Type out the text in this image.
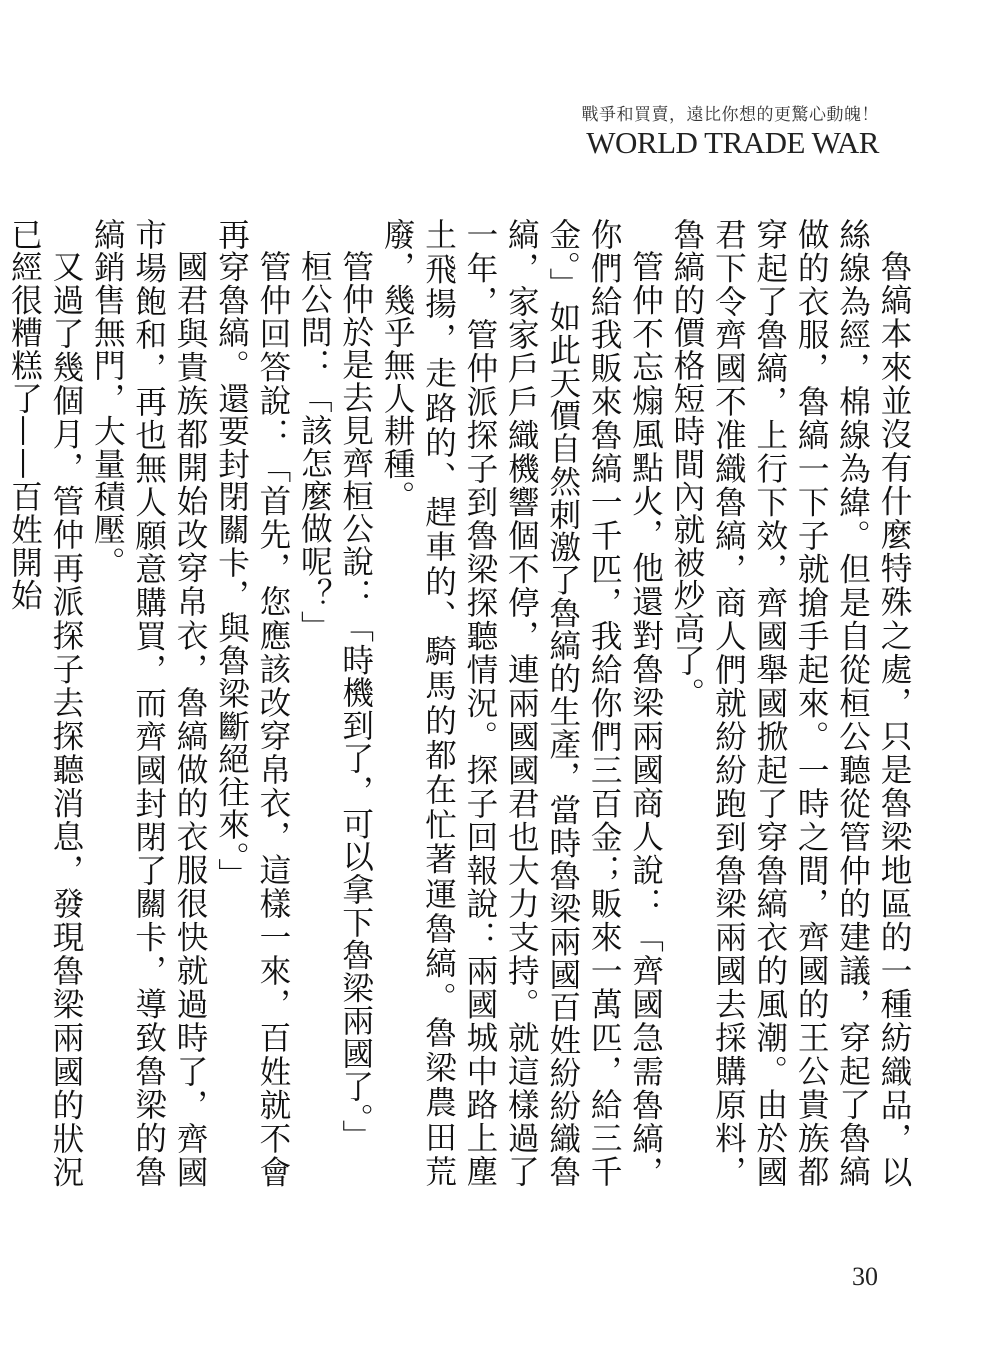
戰爭和買賣，遠比你想的更驚心動魄！
WORLD TRADE WAR

魯縞本來並沒有什麼特殊之處，只是魯梁地區的一種紡織品，以絲線為經，棉線為緯。但是自從桓公聽從管仲的建議，穿起了魯縞做的衣服，魯縞一下子就搶手起來。一時之間，齊國的王公貴族都穿起了魯縞，上行下效，齊國舉國掀起了穿魯縞衣的風潮。由於國君下令齊國不准織魯縞，商人們就紛紛跑到魯梁兩國去採購原料，魯縞的價格短時間內就被炒高了。

管仲不忘煽風點火，他還對魯梁兩國商人說：「齊國急需魯縞，你們給我販來魯縞一千匹，我給你們三百金；販來一萬匹，給三千金。」如此天價自然刺激了魯縞的生產，當時魯梁兩國百姓紛紛織魯縞，家家戶戶織機響個不停，連兩國國君也大力支持。就這樣過了一年，管仲派探子到魯梁探聽情況。探子回報說：兩國城中路上塵土飛揚，走路的、趕車的、騎馬的都在忙著運魯縞。魯梁農田荒廢，幾乎無人耕種。

管仲於是去見齊桓公說：「時機到了，可以拿下魯梁兩國了。」

桓公問：「該怎麼做呢？」

管仲回答說：「首先，您應該改穿帛衣，這樣一來，百姓就不會再穿魯縞。還要封閉關卡，與魯梁斷絕往來。」

國君與貴族都開始改穿帛衣，魯縞做的衣服很快就過時了，齊國市場飽和，再也無人願意購買，而齊國封閉了關卡，導致魯梁的魯縞銷售無門，大量積壓。

又過了幾個月，管仲再派探子去探聽消息，發現魯梁兩國的狀況已經很糟糕了——百姓開始

30
